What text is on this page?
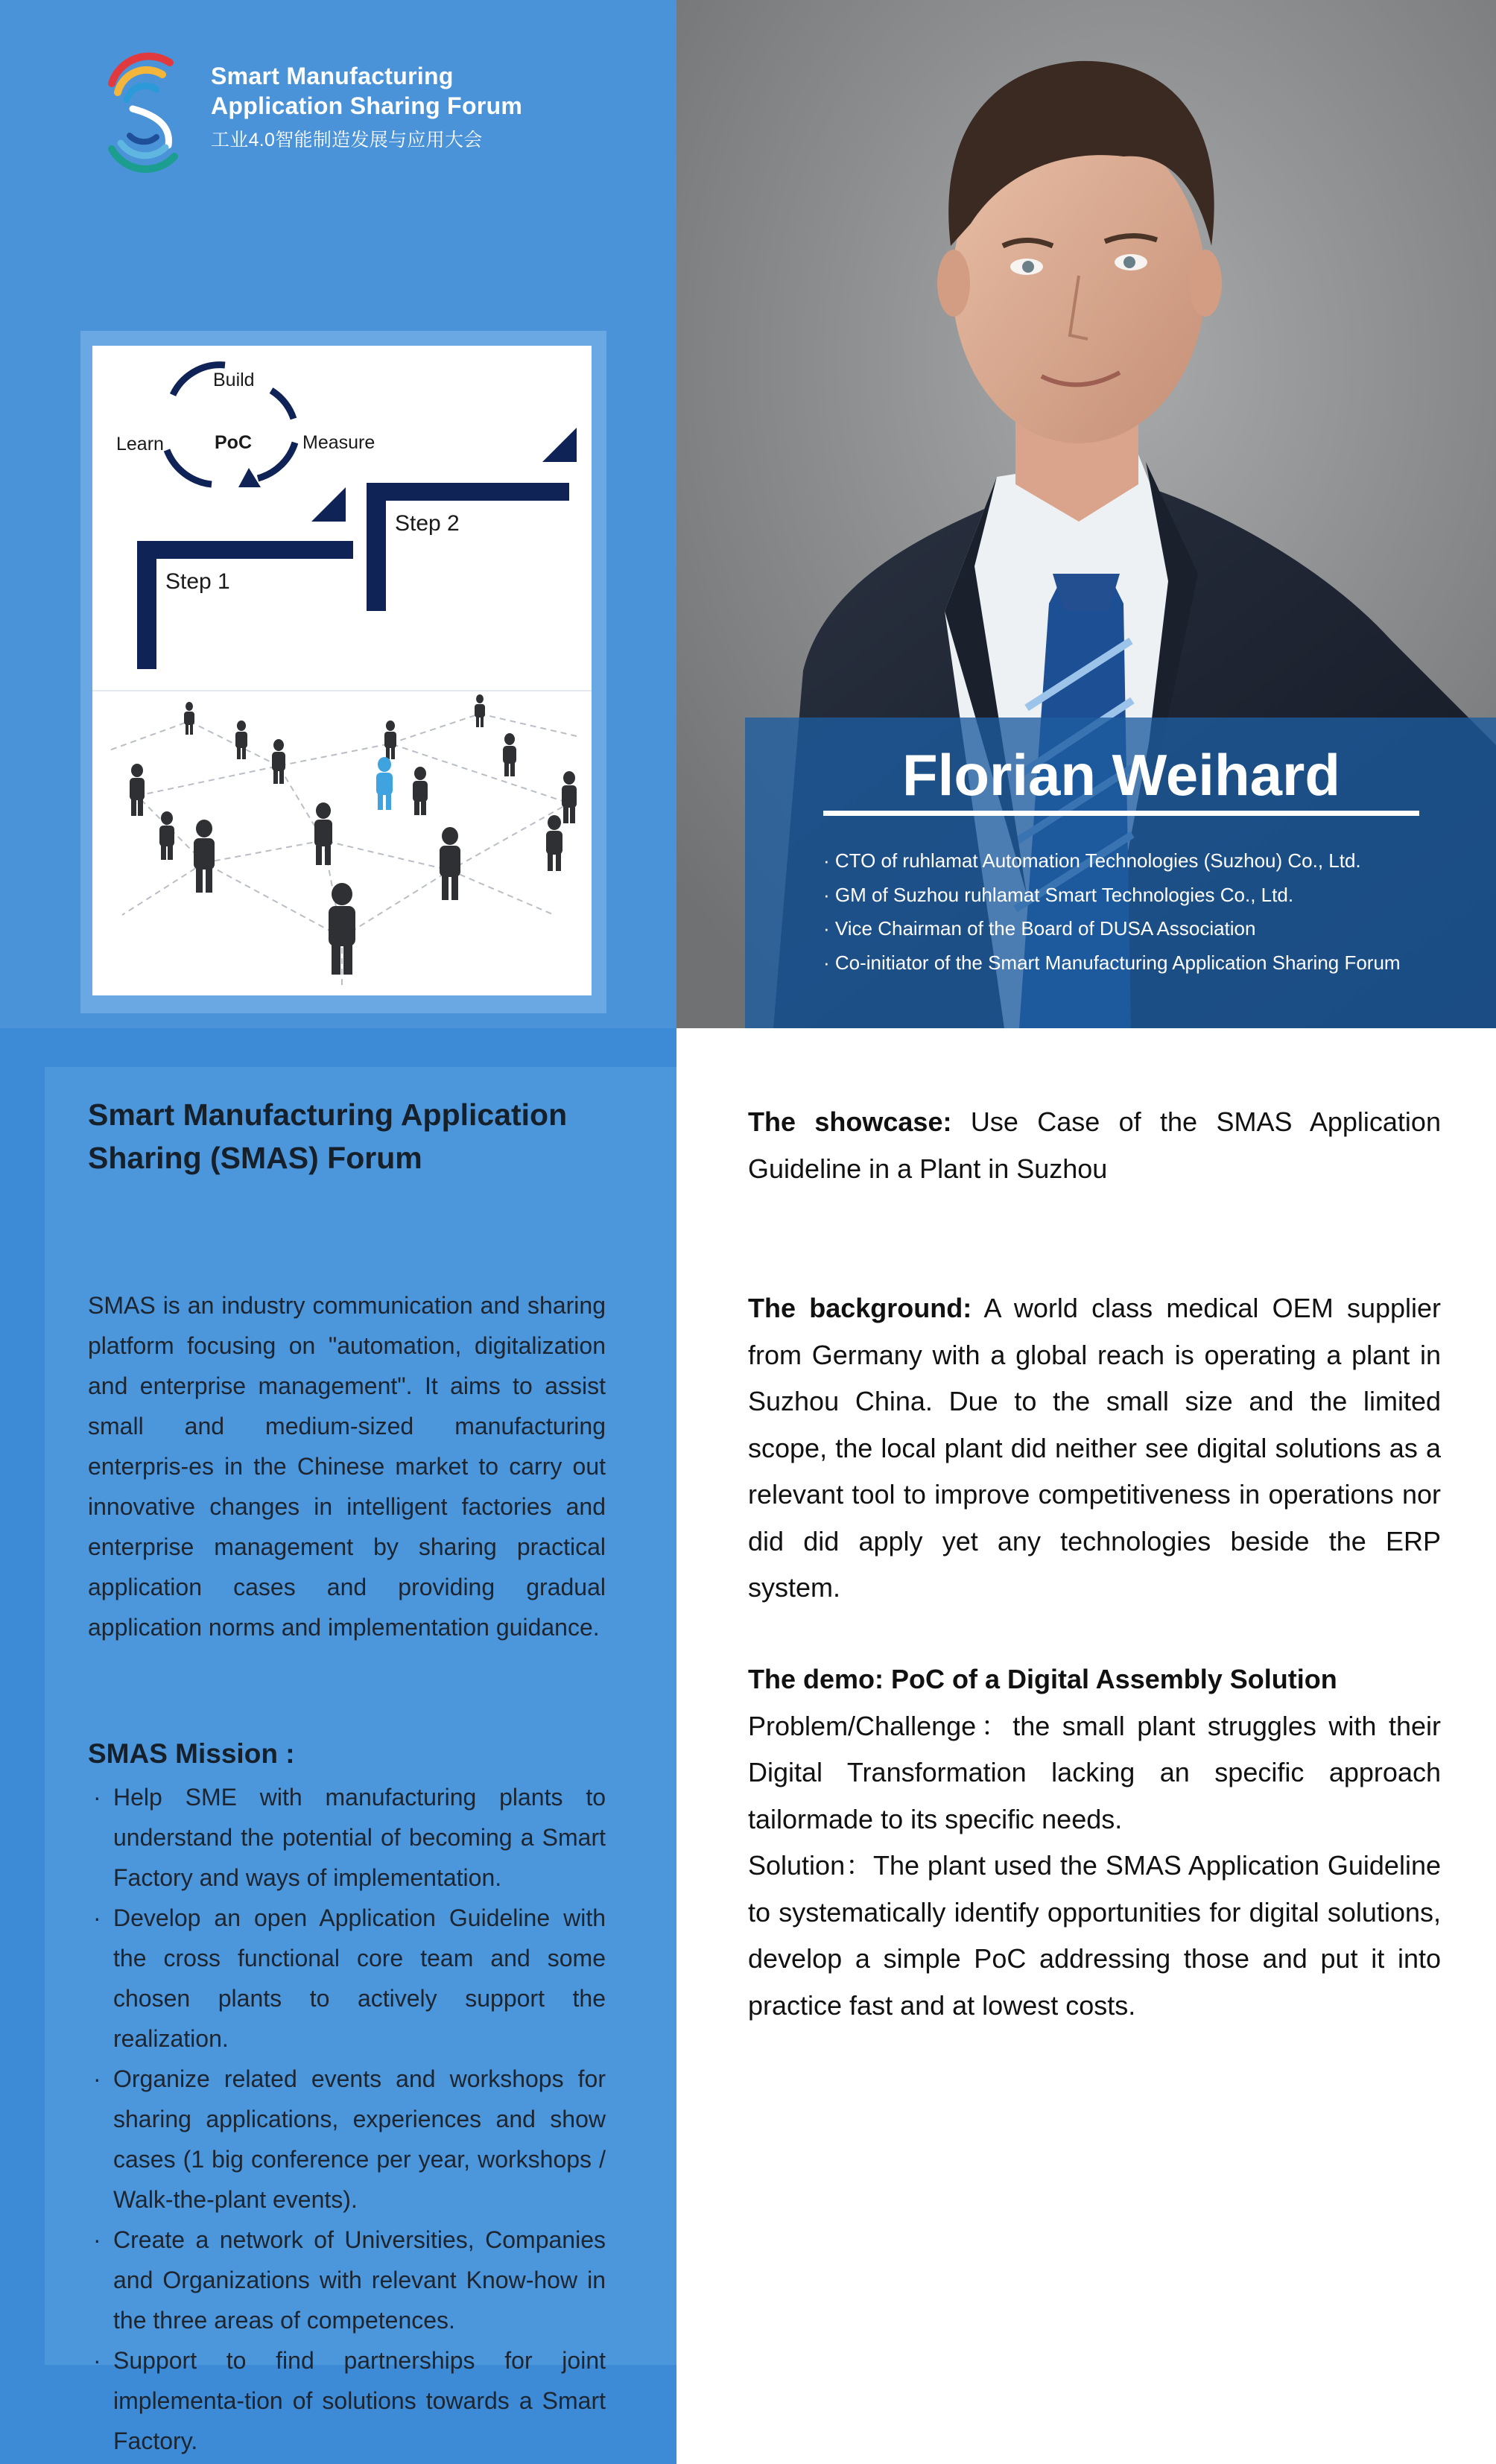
Smart Manufacturing
Application Sharing Forum
工业4.0智能制造发展与应用大会
Build
Learn	PoC	Measure
Step 1
Step 2
Smart Manufacturing Application Sharing (SMAS) Forum
SMAS is an industry communication and sharing platform focusing on "automation, digitalization and enterprise management". It aims to assist small and medium-sized manufacturing enterpris-es in the Chinese market to carry out innovative changes in intelligent factories and enterprise management by sharing practical application cases and providing gradual application norms and implementation guidance.
SMAS Mission :
· Help SME with manufacturing plants to understand the potential of becoming a Smart Factory and ways of implementation.
· Develop an open Application Guideline with the cross functional core team and some chosen plants to actively support the realization.
· Organize related events and workshops for sharing applications, experiences and show cases (1 big conference per year, workshops / Walk-the-plant events).
· Create a network of Universities, Companies and Organizations with relevant Know-how in the three areas of competences.
· Support to find partnerships for joint implementa-tion of solutions towards a Smart Factory.
Florian Weihard
· CTO of ruhlamat Automation Technologies (Suzhou) Co., Ltd.
· GM of Suzhou ruhlamat Smart Technologies Co., Ltd.
· Vice Chairman of the Board of DUSA Association
· Co-initiator of the Smart Manufacturing Application Sharing Forum
The showcase: Use Case of the SMAS Application Guideline in a Plant in Suzhou
The background: A world class medical OEM supplier from Germany with a global reach is operating a plant in Suzhou China. Due to the small size and the limited scope, the local plant did neither see digital solutions as a relevant tool to improve competitiveness in operations nor did did apply yet any technologies beside the ERP system.
The demo: PoC of a Digital Assembly Solution
Problem/Challenge：the small plant struggles with their Digital Transformation lacking an specific approach tailormade to its specific needs.
Solution：The plant used the SMAS Application Guideline to systematically identify opportunities for digital solutions, develop a simple PoC addressing those and put it into practice fast and at lowest costs.
